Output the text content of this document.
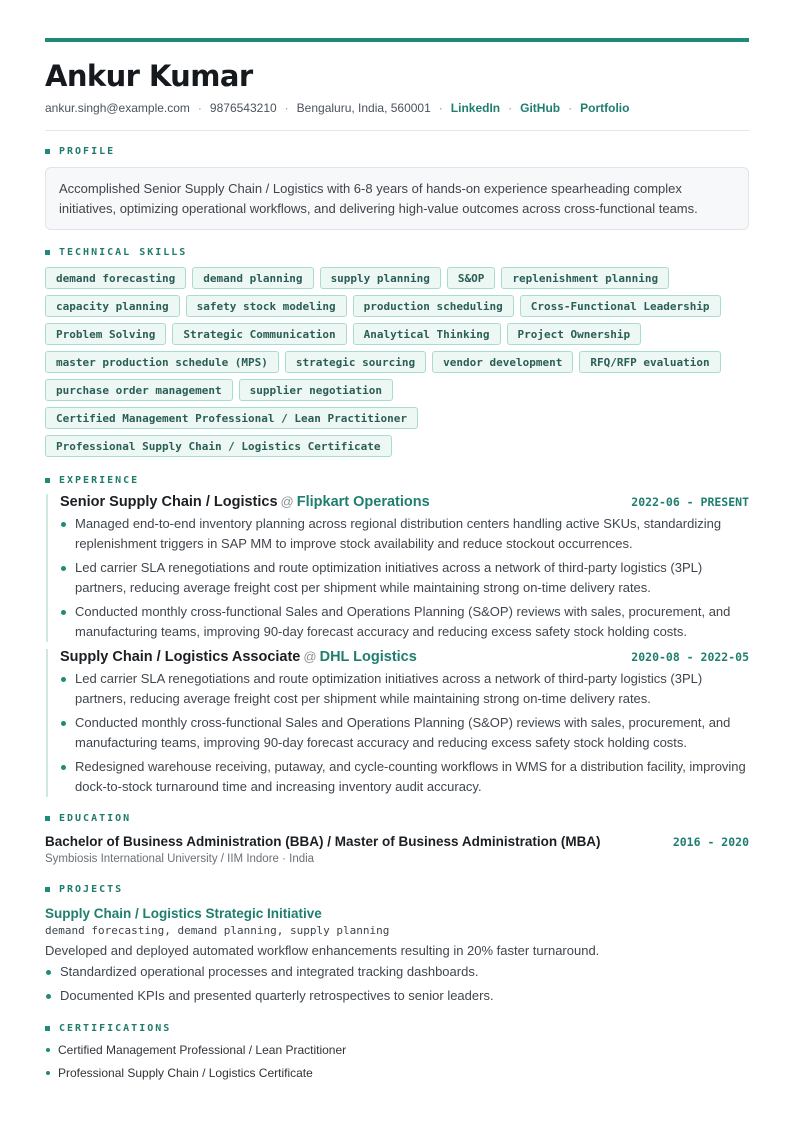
Ankur Kumar
ankur.singh@example.com · 9876543210 · Bengaluru, India, 560001 · LinkedIn · GitHub · Portfolio
PROFILE
Accomplished Senior Supply Chain / Logistics with 6-8 years of hands-on experience spearheading complex initiatives, optimizing operational workflows, and delivering high-value outcomes across cross-functional teams.
TECHNICAL SKILLS
demand forecasting	demand planning	supply planning	S&OP	replenishment planning
capacity planning	safety stock modeling	production scheduling	Cross-Functional Leadership
Problem Solving	Strategic Communication	Analytical Thinking	Project Ownership
master production schedule (MPS)	strategic sourcing	vendor development	RFQ/RFP evaluation
purchase order management	supplier negotiation
Certified Management Professional / Lean Practitioner
Professional Supply Chain / Logistics Certificate
EXPERIENCE
Senior Supply Chain / Logistics @ Flipkart Operations	2022-06 - PRESENT
Managed end-to-end inventory planning across regional distribution centers handling active SKUs, standardizing replenishment triggers in SAP MM to improve stock availability and reduce stockout occurrences.
Led carrier SLA renegotiations and route optimization initiatives across a network of third-party logistics (3PL) partners, reducing average freight cost per shipment while maintaining strong on-time delivery rates.
Conducted monthly cross-functional Sales and Operations Planning (S&OP) reviews with sales, procurement, and manufacturing teams, improving 90-day forecast accuracy and reducing excess safety stock holding costs.
Supply Chain / Logistics Associate @ DHL Logistics	2020-08 - 2022-05
Led carrier SLA renegotiations and route optimization initiatives across a network of third-party logistics (3PL) partners, reducing average freight cost per shipment while maintaining strong on-time delivery rates.
Conducted monthly cross-functional Sales and Operations Planning (S&OP) reviews with sales, procurement, and manufacturing teams, improving 90-day forecast accuracy and reducing excess safety stock holding costs.
Redesigned warehouse receiving, putaway, and cycle-counting workflows in WMS for a distribution facility, improving dock-to-stock turnaround time and increasing inventory audit accuracy.
EDUCATION
Bachelor of Business Administration (BBA) / Master of Business Administration (MBA)	2016 - 2020
Symbiosis International University / IIM Indore · India
PROJECTS
Supply Chain / Logistics Strategic Initiative
demand forecasting, demand planning, supply planning
Developed and deployed automated workflow enhancements resulting in 20% faster turnaround.
Standardized operational processes and integrated tracking dashboards.
Documented KPIs and presented quarterly retrospectives to senior leaders.
CERTIFICATIONS
Certified Management Professional / Lean Practitioner
Professional Supply Chain / Logistics Certificate
